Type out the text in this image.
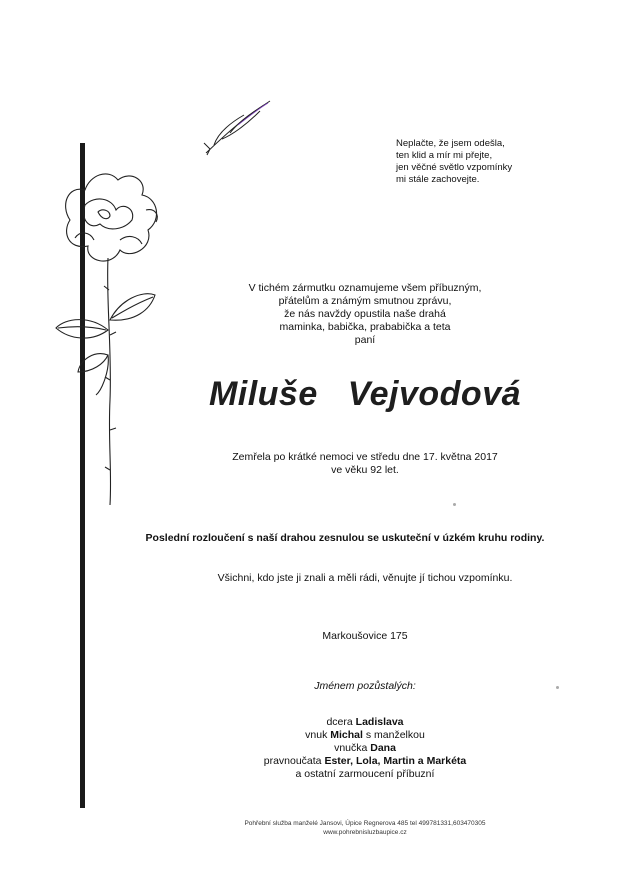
Neplačte, že jsem odešla,
ten klid a mír mi přejte,
jen věčné světlo vzpomínky
mi stále zachovejte.
V tichém zármutku oznamujeme všem příbuzným,
přátelům a známým smutnou zprávu,
že nás navždy opustila naše drahá
maminka, babička, prababička a teta
paní
Miluše Vejvodová
Zemřela po krátké nemoci ve středu dne 17. května 2017
ve věku 92 let.
Poslední rozloučení s naší drahou zesnulou se uskuteční v úzkém kruhu rodiny.
Všichni, kdo jste ji znali a měli rádi, věnujte jí tichou vzpomínku.
Markoušovice 175
Jménem pozůstalých:
dcera Ladislava
vnuk Michal s manželkou
vnučka Dana
pravnoučata Ester, Lola, Martin a Markéta
a ostatní zarmoucení příbuzní
Pohřební služba manželé Jansovi, Úpice Regnerova 485 tel 499781331,603470305
www.pohrebnisluzbaupice.cz
